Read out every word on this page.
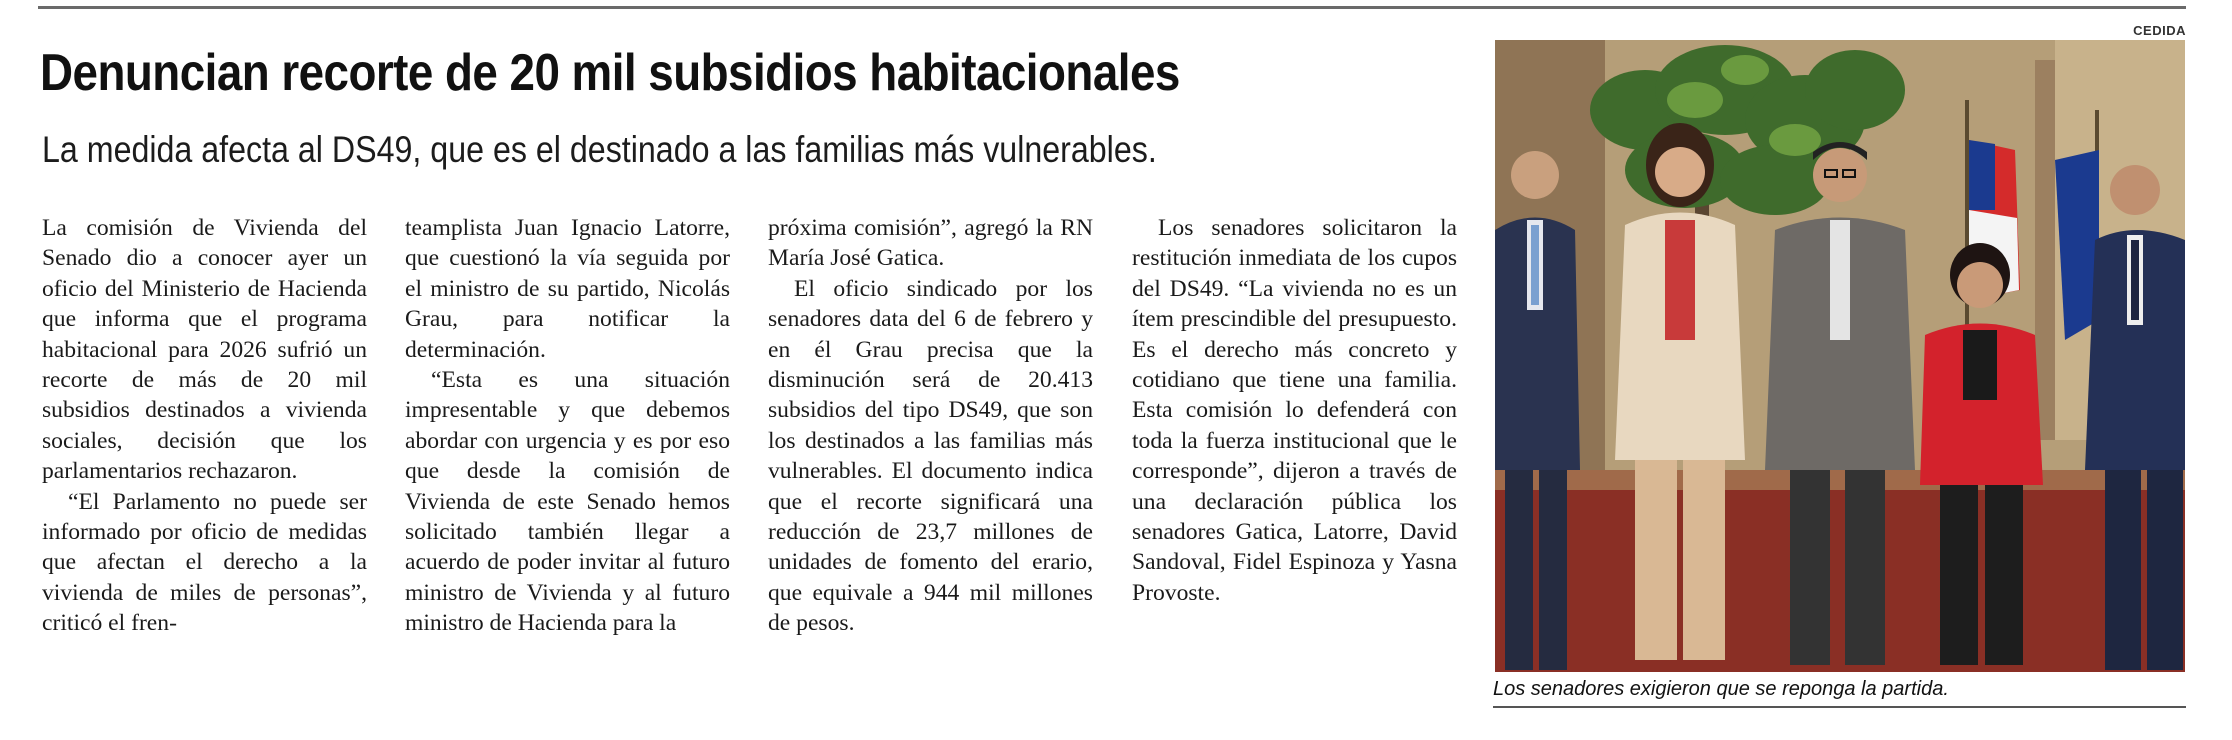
Denuncian recorte de 20 mil subsidios habitacionales
La medida afecta al DS49, que es el destinado a las familias más vulnerables.

La comisión de Vivienda del Senado dio a conocer ayer un oficio del Ministerio de Hacienda que informa que el programa habitacional para 2026 sufrió un recorte de más de 20 mil subsidios destinados a vivienda sociales, decisión que los parlamentarios rechazaron.

“El Parlamento no puede ser informado por oficio de medidas que afectan el derecho a la vivienda de miles de personas”, criticó el fren-

teamplista Juan Ignacio Latorre, que cuestionó la vía seguida por el ministro de su partido, Nicolás Grau, para notificar la determinación.

“Esta es una situación impresentable y que debemos abordar con urgencia y es por eso que desde la comisión de Vivienda de este Senado hemos solicitado también llegar a acuerdo de poder invitar al futuro ministro de Vivienda y al futuro ministro de Hacienda para la

próxima comisión”, agregó la RN María José Gatica.

El oficio sindicado por los senadores data del 6 de febrero y en él Grau precisa que la disminución será de 20.413 subsidios del tipo DS49, que son los destinados a las familias más vulnerables. El documento indica que el recorte significará una reducción de 23,7 millones de unidades de fomento del erario, que equivale a 944 mil millones de pesos.

Los senadores solicitaron la restitución inmediata de los cupos del DS49. “La vivienda no es un ítem prescindible del presupuesto. Es el derecho más concreto y cotidiano que tiene una familia. Esta comisión lo defenderá con toda la fuerza institucional que le corresponde”, dijeron a través de una declaración pública los senadores Gatica, Latorre, David Sandoval, Fidel Espinoza y Yasna Provoste.

CEDIDA
Los senadores exigieron que se reponga la partida.
